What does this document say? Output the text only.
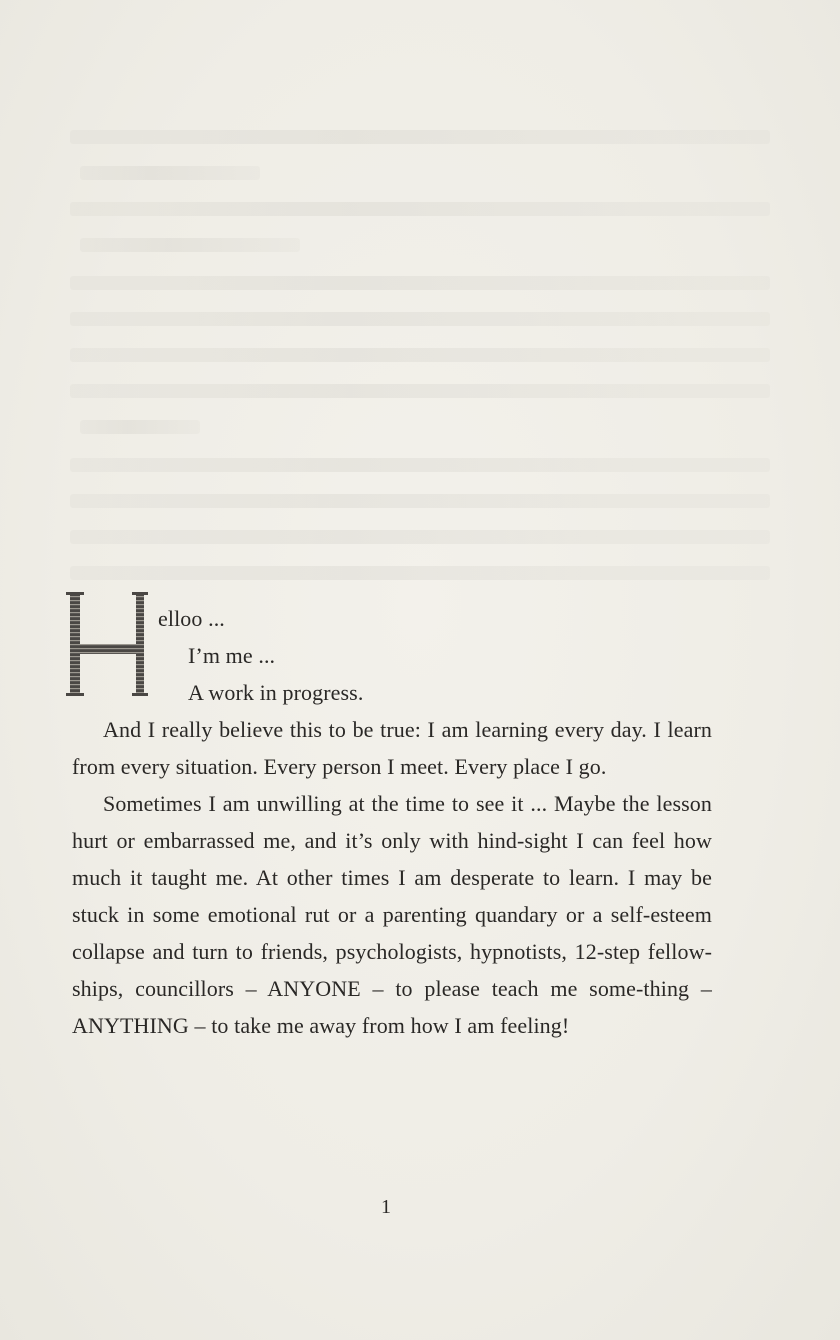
H
elloo ...
I’m me ...
A work in progress.

And I really believe this to be true: I am learning every day. I learn from every situation. Every person I meet. Every place I go.

Sometimes I am unwilling at the time to see it ... Maybe the lesson hurt or embarrassed me, and it’s only with hind-sight I can feel how much it taught me. At other times I am desperate to learn. I may be stuck in some emotional rut or a parenting quandary or a self-esteem collapse and turn to friends, psychologists, hypnotists, 12-step fellow-ships, councillors – ANYONE – to please teach me some-thing – ANYTHING – to take me away from how I am feeling!

1
